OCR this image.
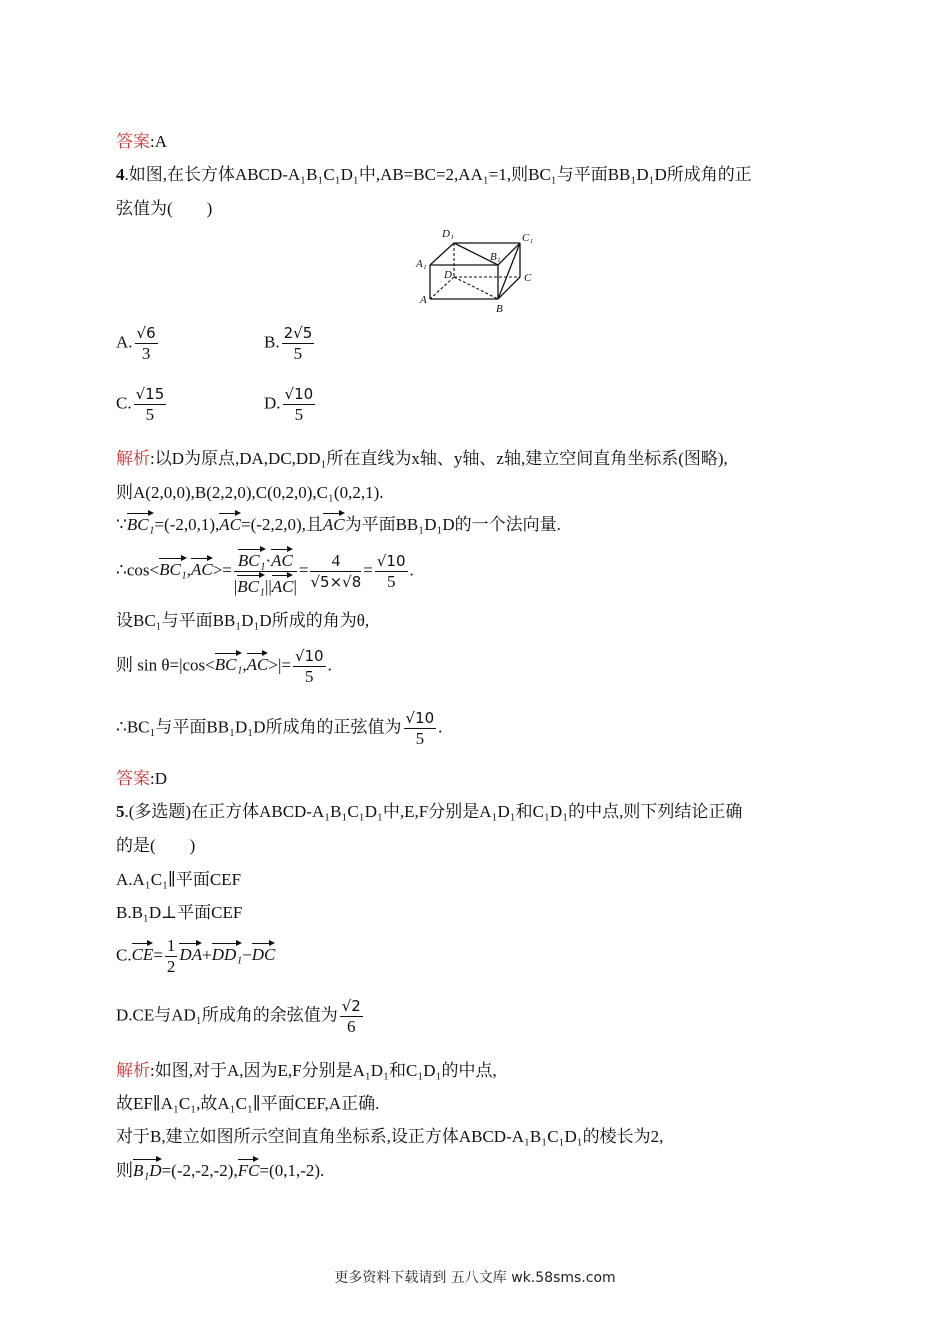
答案:A
4.如图,在长方体ABCD-A₁B₁C₁D₁中,AB=BC=2,AA₁=1,则BC₁与平面BB₁D₁D所成角的正
弦值为(　　)
D₁	C₁
A₁
B₁
D	C
A
B
A. $\frac{√6}{3}$	B. $\frac{2√5}{5}$
C. $\frac{√15}{5}$	D. $\frac{√10}{5}$
解析:以D为原点,DA,DC,DD₁所在直线为x轴、y轴、z轴,建立空间直角坐标系(图略),
则A(2,0,0),B(2,2,0),C(0,2,0),C₁(0,2,1).
∵BC₁=(-2,0,1),AC=(-2,2,0),且AC为平面BB₁D₁D的一个法向量.
∴cos<BC₁,AC>= $\frac{\text{BC₁·AC}}{\text{|BC₁||AC|}} = \frac{4}{√5\times√8} = \frac{√10}{5}$ .
设BC₁与平面BB₁D₁D所成的角为θ,
则 $\sin \theta=|\cos<BC_1,AC>|= \frac{√10}{5}$ .
∴BC₁与平面BB₁D₁D所成角的正弦值为 $\frac{√10}{5}$ .
答案:D
5.(多选题)在正方体ABCD-A₁B₁C₁D₁中,E,F分别是A₁D₁和C₁D₁的中点,则下列结论正确
的是(　　)
A.A₁C₁∥平面CEF
B.B₁D⊥平面CEF
$C.CE= \frac{1}{2} DA+DD_1-DC$
D.CE与AD₁所成角的余弦值为 $\frac{√2}{6}$
解析:如图,对于A,因为E,F分别是A₁D₁和C₁D₁的中点,
故EF∥A₁C₁,故A₁C₁∥平面CEF,A正确.
对于B,建立如图所示空间直角坐标系,设正方体ABCD-A₁B₁C₁D₁的棱长为2,
则B₁D=(-2,-2,-2),FC=(0,1,-2).
更多资料下载请到 五八文库 wk.58sms.com
